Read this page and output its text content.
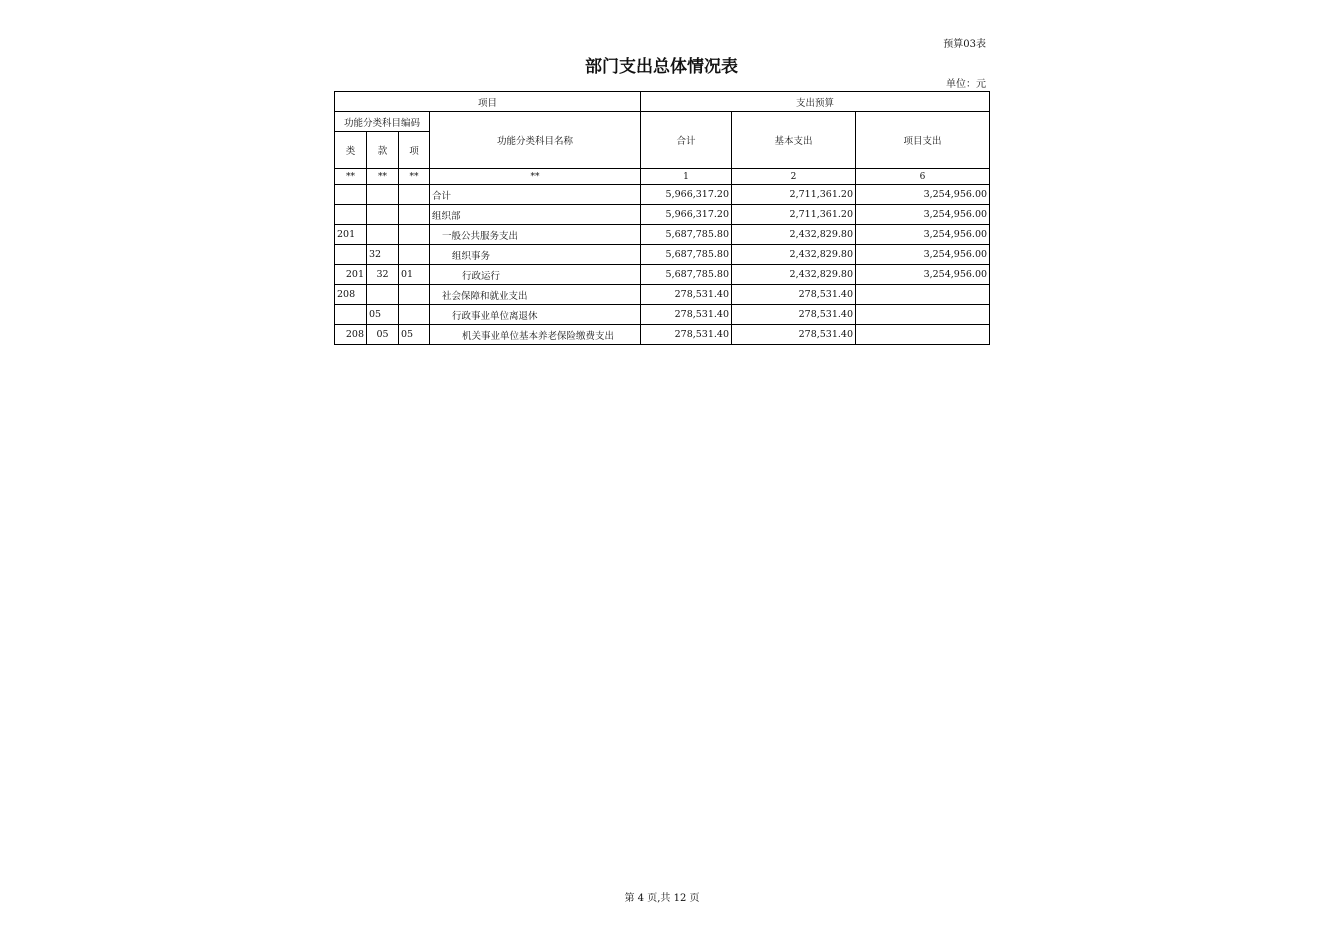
预算03表
部门支出总体情况表
单位：元
项目				支出预算		
功能分类科目编码			功能分类科目名称	合计	基本支出	项目支出
类	款	项				
**	**	**	**	1	2	6
			合计	5,966,317.20	2,711,361.20	3,254,956.00
			组织部	5,966,317.20	2,711,361.20	3,254,956.00
201			一般公共服务支出	5,687,785.80	2,432,829.80	3,254,956.00
	32		组织事务	5,687,785.80	2,432,829.80	3,254,956.00
201	32	01	行政运行	5,687,785.80	2,432,829.80	3,254,956.00
208			社会保障和就业支出	278,531.40	278,531.40	
	05		行政事业单位离退休	278,531.40	278,531.40	
208	05	05	机关事业单位基本养老保险缴费支出	278,531.40	278,531.40	
第 4 页,共 12 页
